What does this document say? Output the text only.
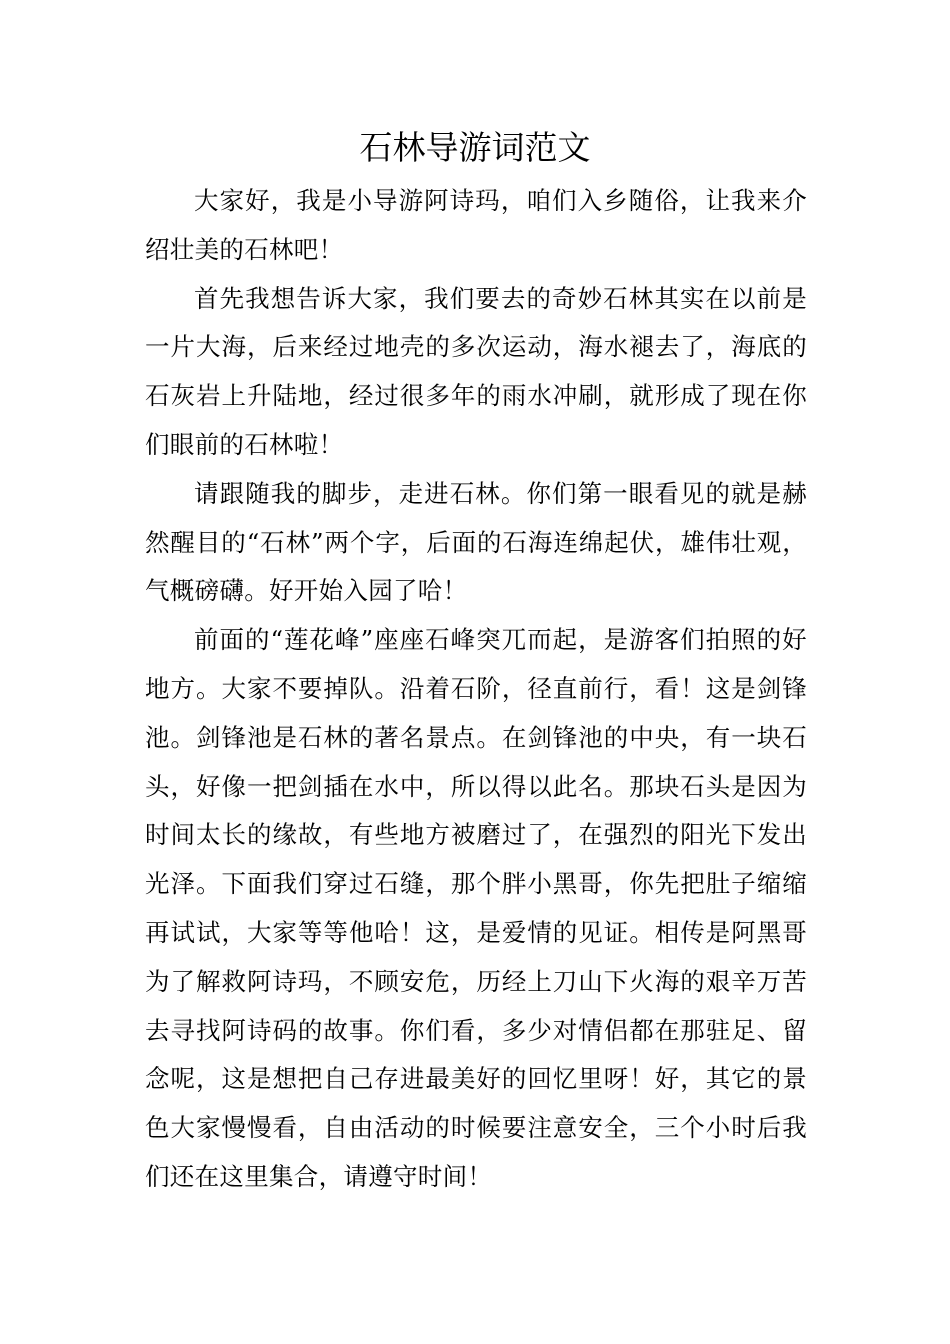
石林导游词范文

大家好，我是小导游阿诗玛，咱们入乡随俗，让我来介绍壮美的石林吧！

首先我想告诉大家，我们要去的奇妙石林其实在以前是一片大海，后来经过地壳的多次运动，海水褪去了，海底的石灰岩上升陆地，经过很多年的雨水冲刷，就形成了现在你们眼前的石林啦！

请跟随我的脚步，走进石林。你们第一眼看见的就是赫然醒目的“石林”两个字，后面的石海连绵起伏，雄伟壮观，气概磅礴。好开始入园了哈！

前面的“莲花峰”座座石峰突兀而起，是游客们拍照的好地方。大家不要掉队。沿着石阶，径直前行，看！这是剑锋池。剑锋池是石林的著名景点。在剑锋池的中央，有一块石头，好像一把剑插在水中，所以得以此名。那块石头是因为时间太长的缘故，有些地方被磨过了，在强烈的阳光下发出光泽。下面我们穿过石缝，那个胖小黑哥，你先把肚子缩缩再试试，大家等等他哈！这，是爱情的见证。相传是阿黑哥为了解救阿诗玛，不顾安危，历经上刀山下火海的艰辛万苦去寻找阿诗码的故事。你们看，多少对情侣都在那驻足、留念呢，这是想把自己存进最美好的回忆里呀！好，其它的景色大家慢慢看，自由活动的时候要注意安全，三个小时后我们还在这里集合，请遵守时间！
